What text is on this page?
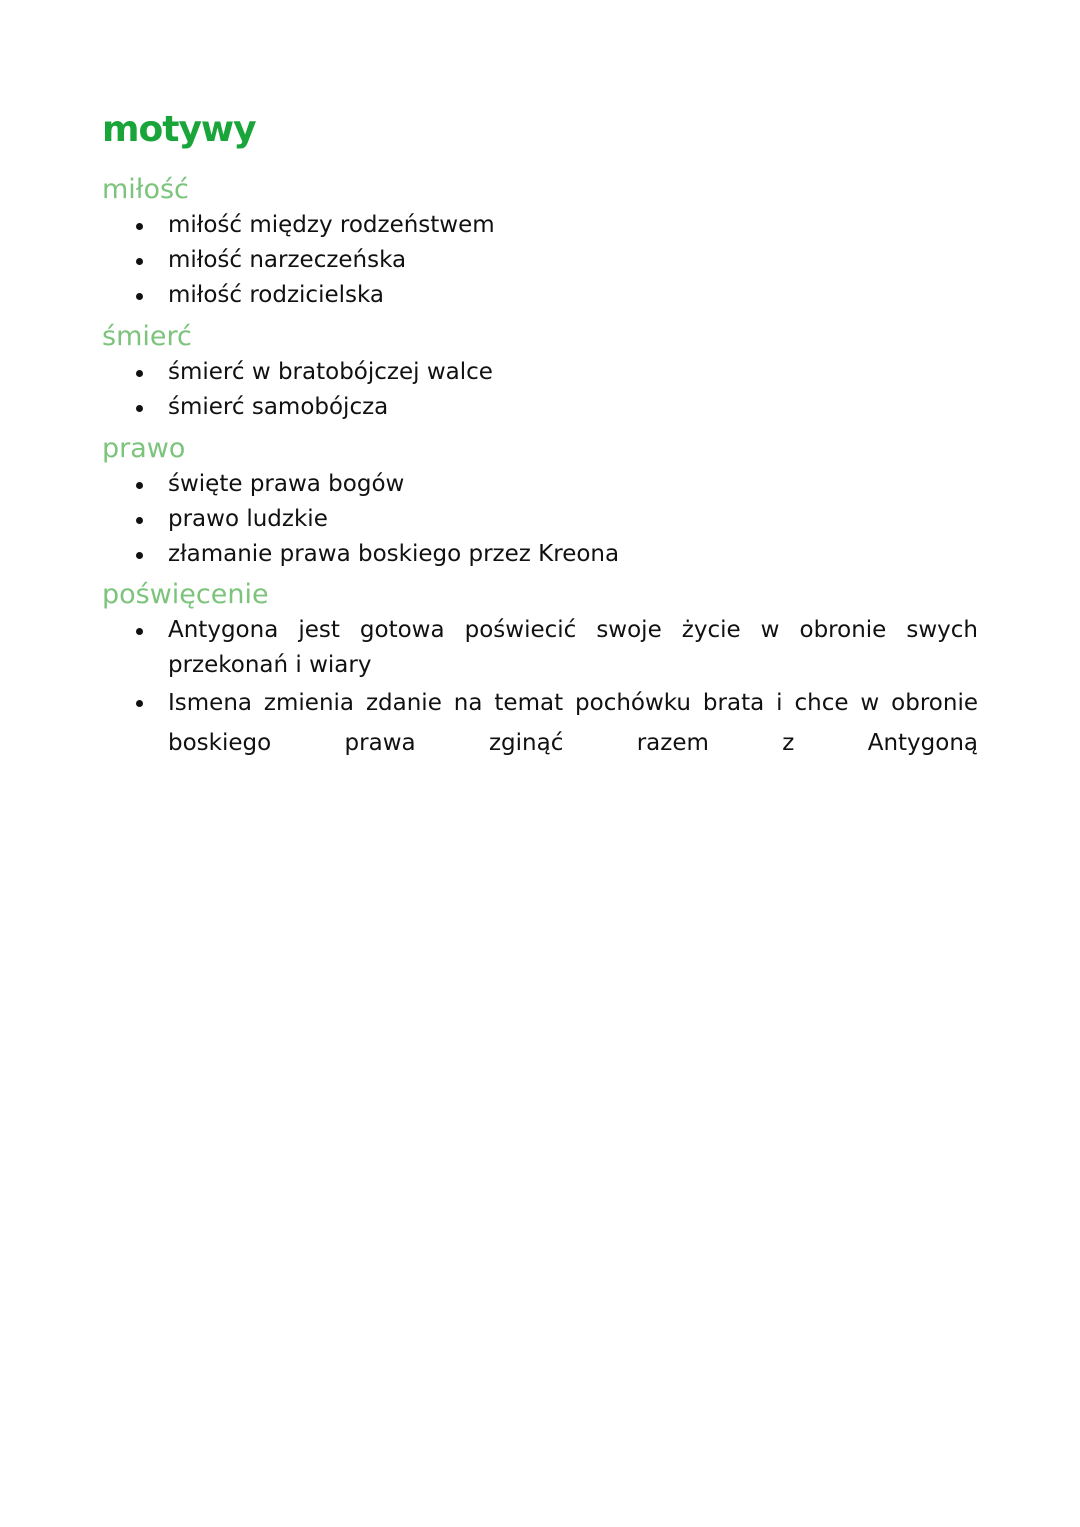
motywy
miłość
miłość między rodzeństwem
miłość narzeczeńska
miłość rodzicielska
śmierć
śmierć w bratobójczej walce
śmierć samobójcza
prawo
święte prawa bogów
prawo ludzkie
złamanie prawa boskiego przez Kreona
poświęcenie
Antygona jest gotowa poświecić swoje życie w obronie swych przekonań i wiary
Ismena zmienia zdanie na temat pochówku brata i chce w obronie boskiego prawa zginąć razem z Antygoną
